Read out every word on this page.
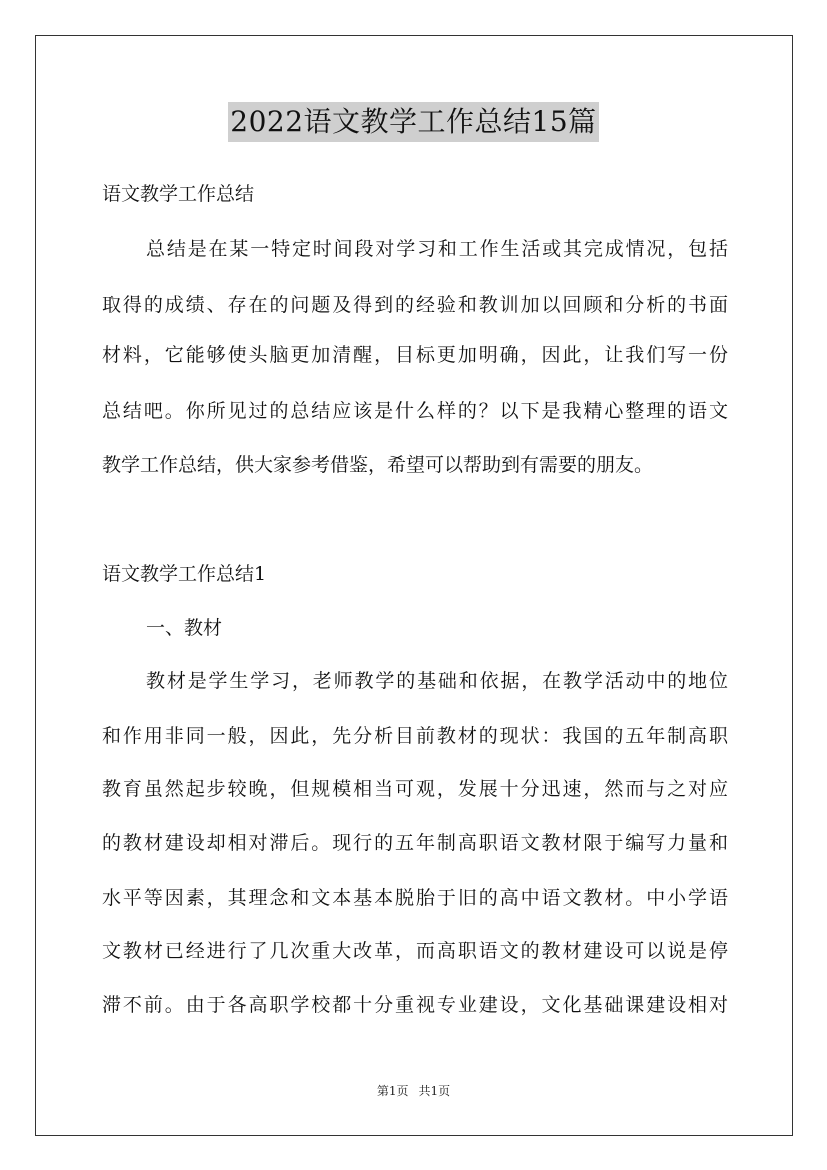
2022语文教学工作总结15篇
语文教学工作总结
总结是在某一特定时间段对学习和工作生活或其完成情况，包括
取得的成绩、存在的问题及得到的经验和教训加以回顾和分析的书面
材料，它能够使头脑更加清醒，目标更加明确，因此，让我们写一份
总结吧。你所见过的总结应该是什么样的？以下是我精心整理的语文
教学工作总结，供大家参考借鉴，希望可以帮助到有需要的朋友。
语文教学工作总结1
一、教材
教材是学生学习，老师教学的基础和依据，在教学活动中的地位
和作用非同一般，因此，先分析目前教材的现状：我国的五年制高职
教育虽然起步较晚，但规模相当可观，发展十分迅速，然而与之对应
的教材建设却相对滞后。现行的五年制高职语文教材限于编写力量和
水平等因素，其理念和文本基本脱胎于旧的高中语文教材。中小学语
文教材已经进行了几次重大改革，而高职语文的教材建设可以说是停
滞不前。由于各高职学校都十分重视专业建设，文化基础课建设相对
第1页 共1页
